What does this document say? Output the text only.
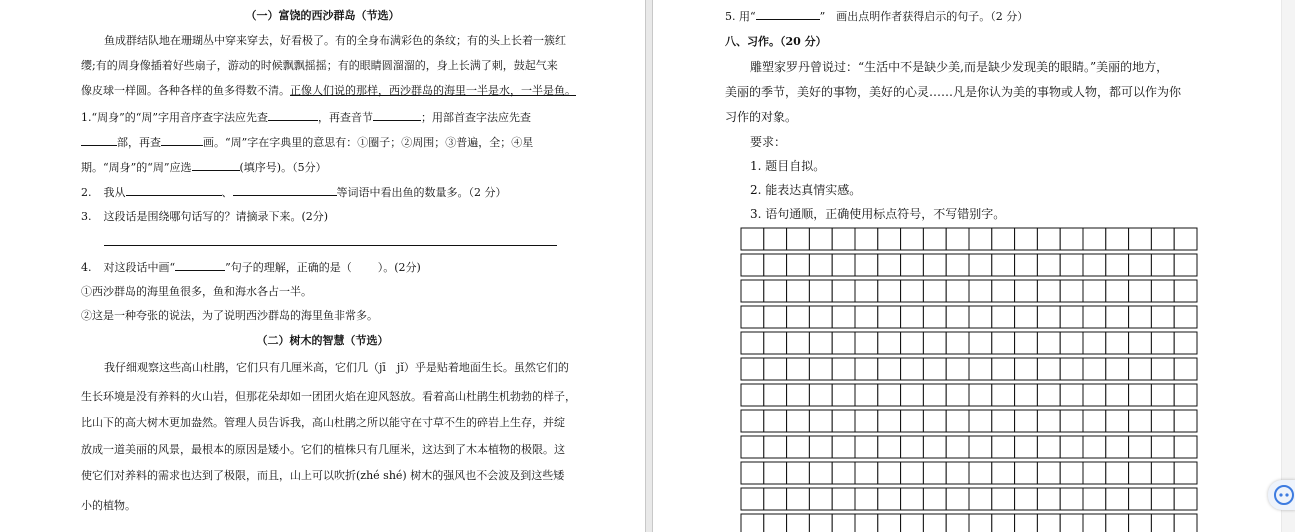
（一）富饶的西沙群岛（节选）
鱼成群结队地在珊瑚丛中穿来穿去，好看极了。有的全身布满彩色的条纹；有的头上长着一簇红
缨;有的周身像插着好些扇子，游动的时候飘飘摇摇；有的眼睛圆溜溜的，身上长满了刺，鼓起气来
像皮球一样圆。各种各样的鱼多得数不清。正像人们说的那样，西沙群岛的海里一半是水，一半是鱼。
1.“周身”的“周”字用音序查字法应先查	，再查音节	；用部首查字法应先查
部，再查	画。“周”字在字典里的意思有：①圈子；②周围；③普遍，全；④星
期。“周身”的“周”应选	(填序号)。（5分）
2. 我从	、	等词语中看出鱼的数量多。（2 分）
3. 这段话是围绕哪句话写的？请摘录下来。(2分)
4. 对这段话中画“	”句子的理解，正确的是（ ）。(2分)
①西沙群岛的海里鱼很多，鱼和海水各占一半。
②这是一种夸张的说法，为了说明西沙群岛的海里鱼非常多。
（二）树木的智慧（节选）
我仔细观察这些高山杜鹃，它们只有几厘米高，它们几（jī　jǐ）乎是贴着地面生长。虽然它们的
生长环境是没有养料的火山岩，但那花朵却如一团团火焰在迎风怒放。看着高山杜鹃生机勃勃的样子，
比山下的高大树木更加盎然。管理人员告诉我，高山杜鹃之所以能守在寸草不生的碎岩上生存，并绽
放成一道美丽的风景，最根本的原因是矮小。它们的植株只有几厘米，这达到了木本植物的极限。这
使它们对养料的需求也达到了极限，而且，山上可以吹折(zhé shé) 树木的强风也不会波及到这些矮
小的植物。
5. 用“	”　画出点明作者获得启示的句子。（2 分）
八、习作。（20 分）
雕塑家罗丹曾说过：“生活中不是缺少美,而是缺少发现美的眼睛。”美丽的地方，
美丽的季节，美好的事物，美好的心灵……凡是你认为美的事物或人物，都可以作为你
习作的对象。
要求：
1. 题目自拟。
2. 能表达真情实感。
3. 语句通顺，正确使用标点符号，不写错别字。
